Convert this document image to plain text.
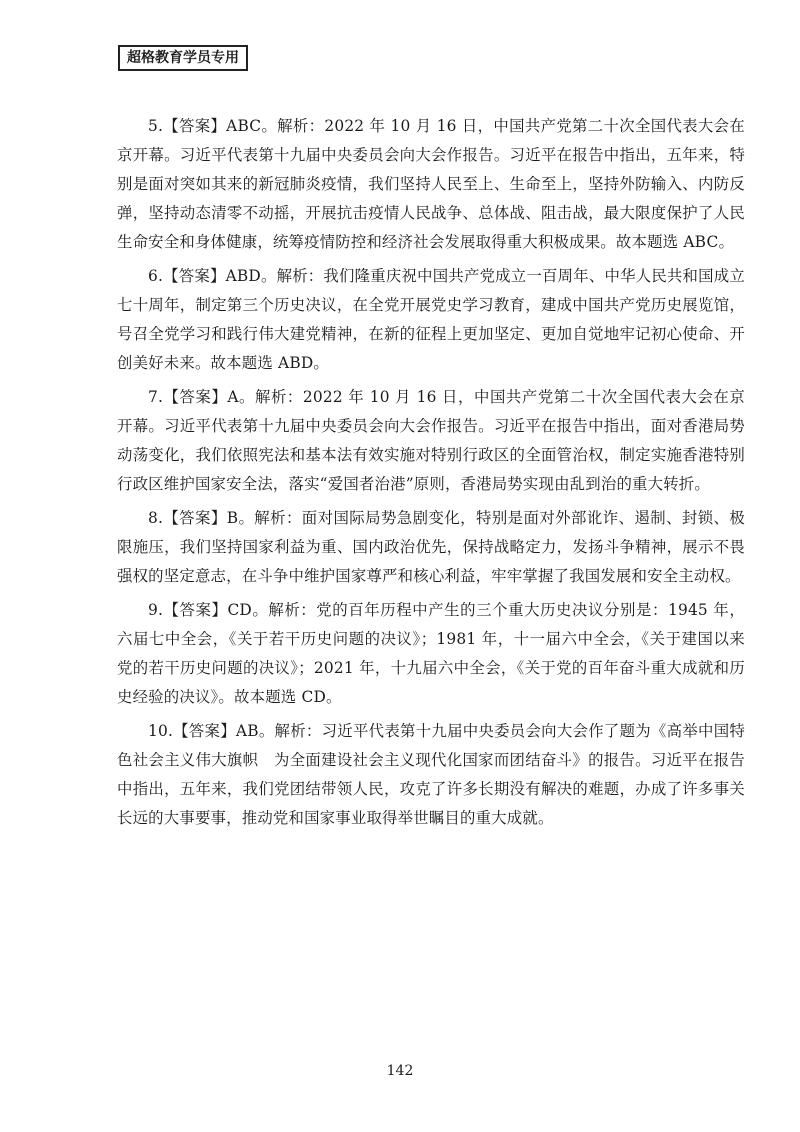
超格教育学员专用

5.【答案】ABC。解析：2022 年 10 月 16 日，中国共产党第二十次全国代表大会在京开幕。习近平代表第十九届中央委员会向大会作报告。习近平在报告中指出，五年来，特别是面对突如其来的新冠肺炎疫情，我们坚持人民至上、生命至上，坚持外防输入、内防反弹，坚持动态清零不动摇，开展抗击疫情人民战争、总体战、阻击战，最大限度保护了人民生命安全和身体健康，统筹疫情防控和经济社会发展取得重大积极成果。故本题选 ABC。

6.【答案】ABD。解析：我们隆重庆祝中国共产党成立一百周年、中华人民共和国成立七十周年，制定第三个历史决议，在全党开展党史学习教育，建成中国共产党历史展览馆，号召全党学习和践行伟大建党精神，在新的征程上更加坚定、更加自觉地牢记初心使命、开创美好未来。故本题选 ABD。

7.【答案】A。解析：2022 年 10 月 16 日，中国共产党第二十次全国代表大会在京开幕。习近平代表第十九届中央委员会向大会作报告。习近平在报告中指出，面对香港局势动荡变化，我们依照宪法和基本法有效实施对特别行政区的全面管治权，制定实施香港特别行政区维护国家安全法，落实“爱国者治港”原则，香港局势实现由乱到治的重大转折。

8.【答案】B。解析：面对国际局势急剧变化，特别是面对外部讹诈、遏制、封锁、极限施压，我们坚持国家利益为重、国内政治优先，保持战略定力，发扬斗争精神，展示不畏强权的坚定意志，在斗争中维护国家尊严和核心利益，牢牢掌握了我国发展和安全主动权。

9.【答案】CD。解析：党的百年历程中产生的三个重大历史决议分别是：1945 年，六届七中全会，《关于若干历史问题的决议》；1981 年，十一届六中全会，《关于建国以来党的若干历史问题的决议》；2021 年，十九届六中全会，《关于党的百年奋斗重大成就和历史经验的决议》。故本题选 CD。

10.【答案】AB。解析：习近平代表第十九届中央委员会向大会作了题为《高举中国特色社会主义伟大旗帜　为全面建设社会主义现代化国家而团结奋斗》的报告。习近平在报告中指出，五年来，我们党团结带领人民，攻克了许多长期没有解决的难题，办成了许多事关长远的大事要事，推动党和国家事业取得举世瞩目的重大成就。

142
